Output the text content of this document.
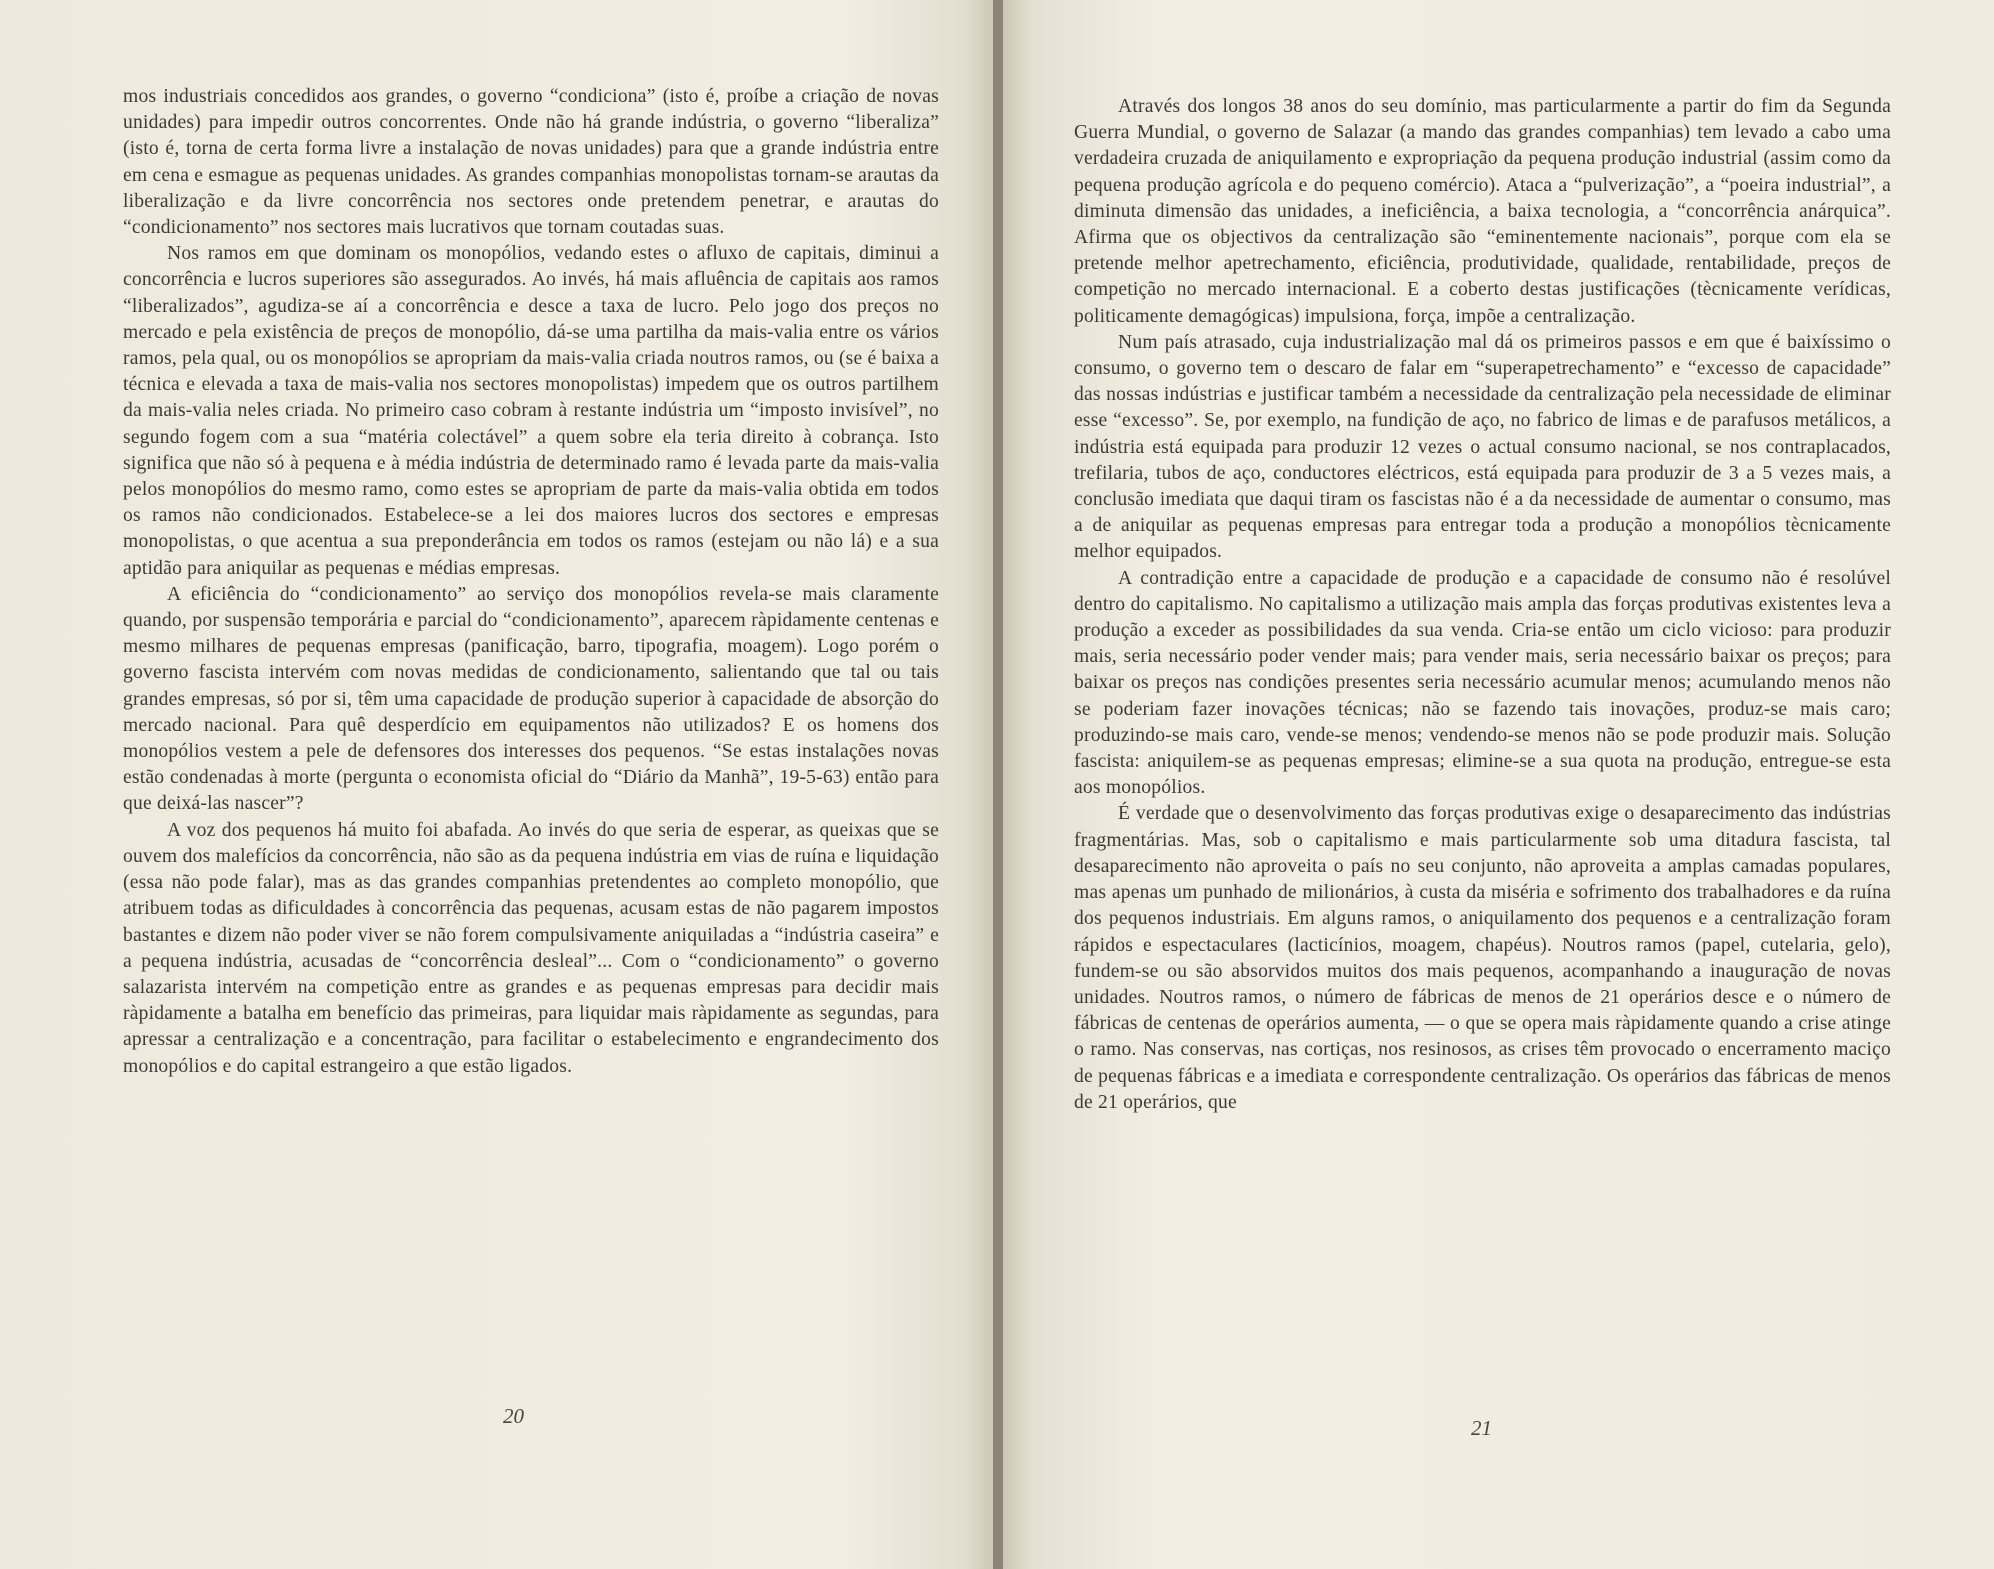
mos industriais concedidos aos grandes, o governo “condiciona” (isto é, proíbe a criação de novas unidades) para impedir outros concorrentes. Onde não há grande indústria, o governo “liberaliza” (isto é, torna de certa forma livre a instalação de novas unidades) para que a grande indústria entre em cena e esmague as pequenas unidades. As grandes companhias monopolistas tornam-se arautas da liberalização e da livre concorrência nos sectores onde pretendem penetrar, e arautas do “condicionamento” nos sectores mais lucrativos que tornam coutadas suas.

Nos ramos em que dominam os monopólios, vedando estes o afluxo de capitais, diminui a concorrência e lucros superiores são assegurados. Ao invés, há mais afluência de capitais aos ramos “liberalizados”, agudiza-se aí a concorrência e desce a taxa de lucro. Pelo jogo dos preços no mercado e pela existência de preços de monopólio, dá-se uma partilha da mais-valia entre os vários ramos, pela qual, ou os monopólios se apropriam da mais-valia criada noutros ramos, ou (se é baixa a técnica e elevada a taxa de mais-valia nos sectores monopolistas) impedem que os outros partilhem da mais-valia neles criada. No primeiro caso cobram à restante indústria um “imposto invisível”, no segundo fogem com a sua “matéria colectável” a quem sobre ela teria direito à cobrança. Isto significa que não só à pequena e à média indústria de determinado ramo é levada parte da mais-valia pelos monopólios do mesmo ramo, como estes se apropriam de parte da mais-valia obtida em todos os ramos não condicionados. Estabelece-se a lei dos maiores lucros dos sectores e empresas monopolistas, o que acentua a sua preponderância em todos os ramos (estejam ou não lá) e a sua aptidão para aniquilar as pequenas e médias empresas.

A eficiência do “condicionamento” ao serviço dos monopólios revela-se mais claramente quando, por suspensão temporária e parcial do “condicionamento”, aparecem ràpidamente centenas e mesmo milhares de pequenas empresas (panificação, barro, tipografia, moagem). Logo porém o governo fascista intervém com novas medidas de condicionamento, salientando que tal ou tais grandes empresas, só por si, têm uma capacidade de produção superior à capacidade de absorção do mercado nacional. Para quê desperdício em equipamentos não utilizados? E os homens dos monopólios vestem a pele de defensores dos interesses dos pequenos. “Se estas instalações novas estão condenadas à morte (pergunta o economista oficial do “Diário da Manhã”, 19-5-63) então para que deixá-las nascer”?

A voz dos pequenos há muito foi abafada. Ao invés do que seria de esperar, as queixas que se ouvem dos malefícios da concorrência, não são as da pequena indústria em vias de ruína e liquidação (essa não pode falar), mas as das grandes companhias pretendentes ao completo monopólio, que atribuem todas as dificuldades à concorrência das pequenas, acusam estas de não pagarem impostos bastantes e dizem não poder viver se não forem compulsivamente aniquiladas a “indústria caseira” e a pequena indústria, acusadas de “concorrência desleal”... Com o “condicionamento” o governo salazarista intervém na competição entre as grandes e as pequenas empresas para decidir mais ràpidamente a batalha em benefício das primeiras, para liquidar mais ràpidamente as segundas, para apressar a centralização e a concentração, para facilitar o estabelecimento e engrandecimento dos monopólios e do capital estrangeiro a que estão ligados.

20

Através dos longos 38 anos do seu domínio, mas particularmente a partir do fim da Segunda Guerra Mundial, o governo de Salazar (a mando das grandes companhias) tem levado a cabo uma verdadeira cruzada de aniquilamento e expropriação da pequena produção industrial (assim como da pequena produção agrícola e do pequeno comércio). Ataca a “pulverização”, a “poeira industrial”, a diminuta dimensão das unidades, a ineficiência, a baixa tecnologia, a “concorrência anárquica”. Afirma que os objectivos da centralização são “eminentemente nacionais”, porque com ela se pretende melhor apetrechamento, eficiência, produtividade, qualidade, rentabilidade, preços de competição no mercado internacional. E a coberto destas justificações (tècnicamente verídicas, politicamente demagógicas) impulsiona, força, impõe a centralização.

Num país atrasado, cuja industrialização mal dá os primeiros passos e em que é baixíssimo o consumo, o governo tem o descaro de falar em “superapetrechamento” e “excesso de capacidade” das nossas indústrias e justificar também a necessidade da centralização pela necessidade de eliminar esse “excesso”. Se, por exemplo, na fundição de aço, no fabrico de limas e de parafusos metálicos, a indústria está equipada para produzir 12 vezes o actual consumo nacional, se nos contraplacados, trefilaria, tubos de aço, conductores eléctricos, está equipada para produzir de 3 a 5 vezes mais, a conclusão imediata que daqui tiram os fascistas não é a da necessidade de aumentar o consumo, mas a de aniquilar as pequenas empresas para entregar toda a produção a monopólios tècnicamente melhor equipados.

A contradição entre a capacidade de produção e a capacidade de consumo não é resolúvel dentro do capitalismo. No capitalismo a utilização mais ampla das forças produtivas existentes leva a produção a exceder as possibilidades da sua venda. Cria-se então um ciclo vicioso: para produzir mais, seria necessário poder vender mais; para vender mais, seria necessário baixar os preços; para baixar os preços nas condições presentes seria necessário acumular menos; acumulando menos não se poderiam fazer inovações técnicas; não se fazendo tais inovações, produz-se mais caro; produzindo-se mais caro, vende-se menos; vendendo-se menos não se pode produzir mais. Solução fascista: aniquilem-se as pequenas empresas; elimine-se a sua quota na produção, entregue-se esta aos monopólios.

É verdade que o desenvolvimento das forças produtivas exige o desaparecimento das indústrias fragmentárias. Mas, sob o capitalismo e mais particularmente sob uma ditadura fascista, tal desaparecimento não aproveita o país no seu conjunto, não aproveita a amplas camadas populares, mas apenas um punhado de milionários, à custa da miséria e sofrimento dos trabalhadores e da ruína dos pequenos industriais. Em alguns ramos, o aniquilamento dos pequenos e a centralização foram rápidos e espectaculares (lacticínios, moagem, chapéus). Noutros ramos (papel, cutelaria, gelo), fundem-se ou são absorvidos muitos dos mais pequenos, acompanhando a inauguração de novas unidades. Noutros ramos, o número de fábricas de menos de 21 operários desce e o número de fábricas de centenas de operários aumenta, — o que se opera mais ràpidamente quando a crise atinge o ramo. Nas conservas, nas cortiças, nos resinosos, as crises têm provocado o encerramento maciço de pequenas fábricas e a imediata e correspondente centralização. Os operários das fábricas de menos de 21 operários, que

21
